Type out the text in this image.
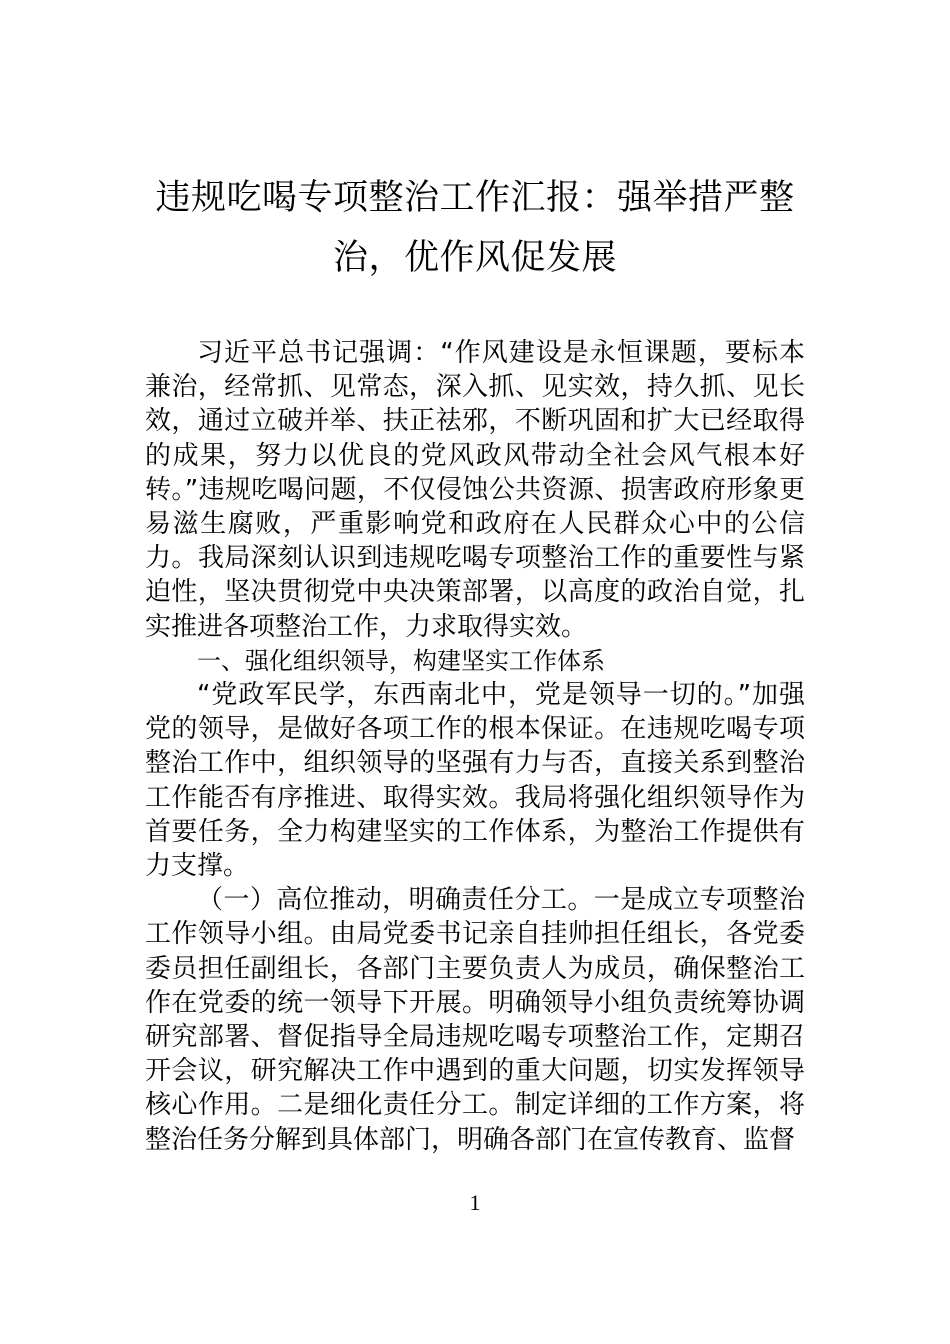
违规吃喝专项整治工作汇报：强举措严整治，优作风促发展

习近平总书记强调：“作风建设是永恒课题，要标本兼治，经常抓、见常态，深入抓、见实效，持久抓、见长效，通过立破并举、扶正祛邪，不断巩固和扩大已经取得的成果，努力以优良的党风政风带动全社会风气根本好转。”违规吃喝问题，不仅侵蚀公共资源、损害政府形象更易滋生腐败，严重影响党和政府在人民群众心中的公信力。我局深刻认识到违规吃喝专项整治工作的重要性与紧迫性，坚决贯彻党中央决策部署，以高度的政治自觉，扎实推进各项整治工作，力求取得实效。

一、强化组织领导，构建坚实工作体系

“党政军民学，东西南北中，党是领导一切的。”加强党的领导，是做好各项工作的根本保证。在违规吃喝专项整治工作中，组织领导的坚强有力与否，直接关系到整治工作能否有序推进、取得实效。我局将强化组织领导作为首要任务，全力构建坚实的工作体系，为整治工作提供有力支撑。

（一）高位推动，明确责任分工。一是成立专项整治工作领导小组。由局党委书记亲自挂帅担任组长，各党委委员担任副组长，各部门主要负责人为成员，确保整治工作在党委的统一领导下开展。明确领导小组负责统筹协调研究部署、督促指导全局违规吃喝专项整治工作，定期召开会议，研究解决工作中遇到的重大问题，切实发挥领导核心作用。二是细化责任分工。制定详细的工作方案，将整治任务分解到具体部门，明确各部门在宣传教育、监督

1
